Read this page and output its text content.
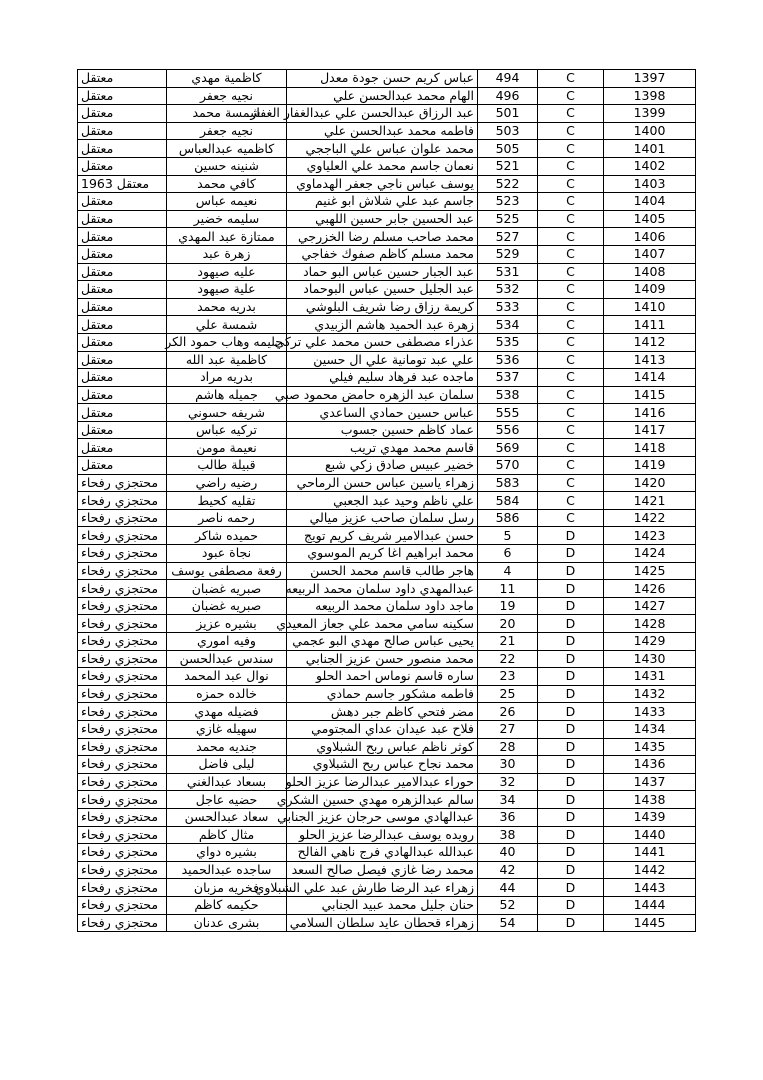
معتقل	كاظمية مهدي	عباس كريم حسن جودة معدل	494	C	1397
معتقل	نجيه جعفر	الهام محمد عبدالحسن علي	496	C	1398
معتقل	شمسة محمد	عبد الرزاق عبدالحسن علي عبدالغفار الغفار	501	C	1399
معتقل	نجيه جعفر	فاطمه محمد عبدالحسن علي	503	C	1400
معتقل	كاظميه عبدالعباس	محمد علوان عباس علي الباججي	505	C	1401
معتقل	شنينه حسين	نعمان جاسم محمد علي العلياوي	521	C	1402
معتقل 1963	كافي محمد	يوسف عباس ناجي جعفر الهدماوي	522	C	1403
معتقل	نعيمه عباس	جاسم عبد علي شلاش ابو غنيم	523	C	1404
معتقل	سليمه خضير	عبد الحسين جابر حسين اللهبي	525	C	1405
معتقل	ممتازة عبد المهدي	محمد صاحب مسلم رضا الخزرجي	527	C	1406
معتقل	زهرة عبد	محمد مسلم كاظم صفوك خفاجي	529	C	1407
معتقل	عليه صيهود	عبد الجبار حسين عباس البو حماد	531	C	1408
معتقل	علية صيهود	عبد الجليل حسين عباس البوحماد	532	C	1409
معتقل	بدريه محمد	كريمة رزاق رضا شريف البلوشي	533	C	1410
معتقل	شمسة علي	زهرة عبد الحميد هاشم الزبيدي	534	C	1411
معتقل	حليمه وهاب حمود الكر	عذراء مصطفى حسن محمد علي تركي	535	C	1412
معتقل	كاظمية عبد الله	علي عبد تومانية علي ال حسين	536	C	1413
معتقل	بدريه مراد	ماجده عبد فرهاد سليم فيلي	537	C	1414
معتقل	جميله هاشم	سلمان عبد الزهره حامض محمود صبي	538	C	1415
معتقل	شريفه حسوني	عباس حسين حمادي الساعدي	555	C	1416
معتقل	تركيه عباس	عماد كاظم حسين جسوب	556	C	1417
معتقل	نعيمة مومن	قاسم محمد مهدي تريب	569	C	1418
معتقل	قبيلة طالب	خضير عبيس صادق زكي شبع	570	C	1419
محتجزي رفحاء	رضيه راضي	زهراء ياسين عباس حسن الرماحي	583	C	1420
محتجزي رفحاء	تقليه كحيط	علي ناظم وحيد عبد الجعبي	584	C	1421
محتجزي رفحاء	رحمه ناصر	رسل سلمان صاحب عزيز ميالي	586	C	1422
محتجزي رفحاء	حميده شاكر	حسن عبدالامير شريف كريم تويج	5	D	1423
محتجزي رفحاء	نجاة عبود	محمد ابراهيم اغا كريم الموسوي	6	D	1424
محتجزي رفحاء	رفعة مصطفى يوسف	هاجر طالب قاسم محمد الحسن	4	D	1425
محتجزي رفحاء	صبريه غضبان	عبدالمهدي داود سلمان محمد الربيعه	11	D	1426
محتجزي رفحاء	صبريه غضبان	ماجد داود سلمان محمد الربيعه	19	D	1427
محتجزي رفحاء	بشيره عزيز	سكينه سامي محمد علي جعاز المعيدي	20	D	1428
محتجزي رفحاء	وفيه اموري	يحيى عباس صالح مهدي البو عجمي	21	D	1429
محتجزي رفحاء	سندس عبدالحسن	محمد منصور حسن عزيز الجنابي	22	D	1430
محتجزي رفحاء	نوال عبد المحمد	ساره قاسم نوماس احمد الحلو	23	D	1431
محتجزي رفحاء	خالده حمزه	فاطمه مشكور جاسم حمادي	25	D	1432
محتجزي رفحاء	فضيله مهدي	مضر فتحي كاظم جبر دهش	26	D	1433
محتجزي رفحاء	سهيله غازي	فلاح عبد عيدان عداي المجتومي	27	D	1434
محتجزي رفحاء	جنديه محمد	كوثر ناظم عباس ربح الشبلاوي	28	D	1435
محتجزي رفحاء	ليلى فاضل	محمد نجاح عباس ربح الشبلاوي	30	D	1436
محتجزي رفحاء	بسعاد عبدالغني	حوراء عبدالامير عبدالرضا عزيز الحلو	32	D	1437
محتجزي رفحاء	حضيه عاجل	سالم عبدالزهره مهدي حسين الشكري	34	D	1438
محتجزي رفحاء	سعاد عبدالحسن	عبدالهادي موسى حرجان عزيز الجنابي	36	D	1439
محتجزي رفحاء	مثال كاظم	رويده يوسف عبدالرضا عزيز الحلو	38	D	1440
محتجزي رفحاء	بشيره دواي	عبدالله عبدالهادي فرج ناهي الفالح	40	D	1441
محتجزي رفحاء	ساجده عبدالحميد	محمد رضا غازي فيصل صالح السعد	42	D	1442
محتجزي رفحاء	فخريه مزبان	زهراء عبد الرضا طارش عبد علي الشبلاوي	44	D	1443
محتجزي رفحاء	حكيمه كاظم	حنان جليل محمد عبيد الجنابي	52	D	1444
محتجزي رفحاء	بشرى عدنان	زهراء قحطان عايد سلطان السلامي	54	D	1445
